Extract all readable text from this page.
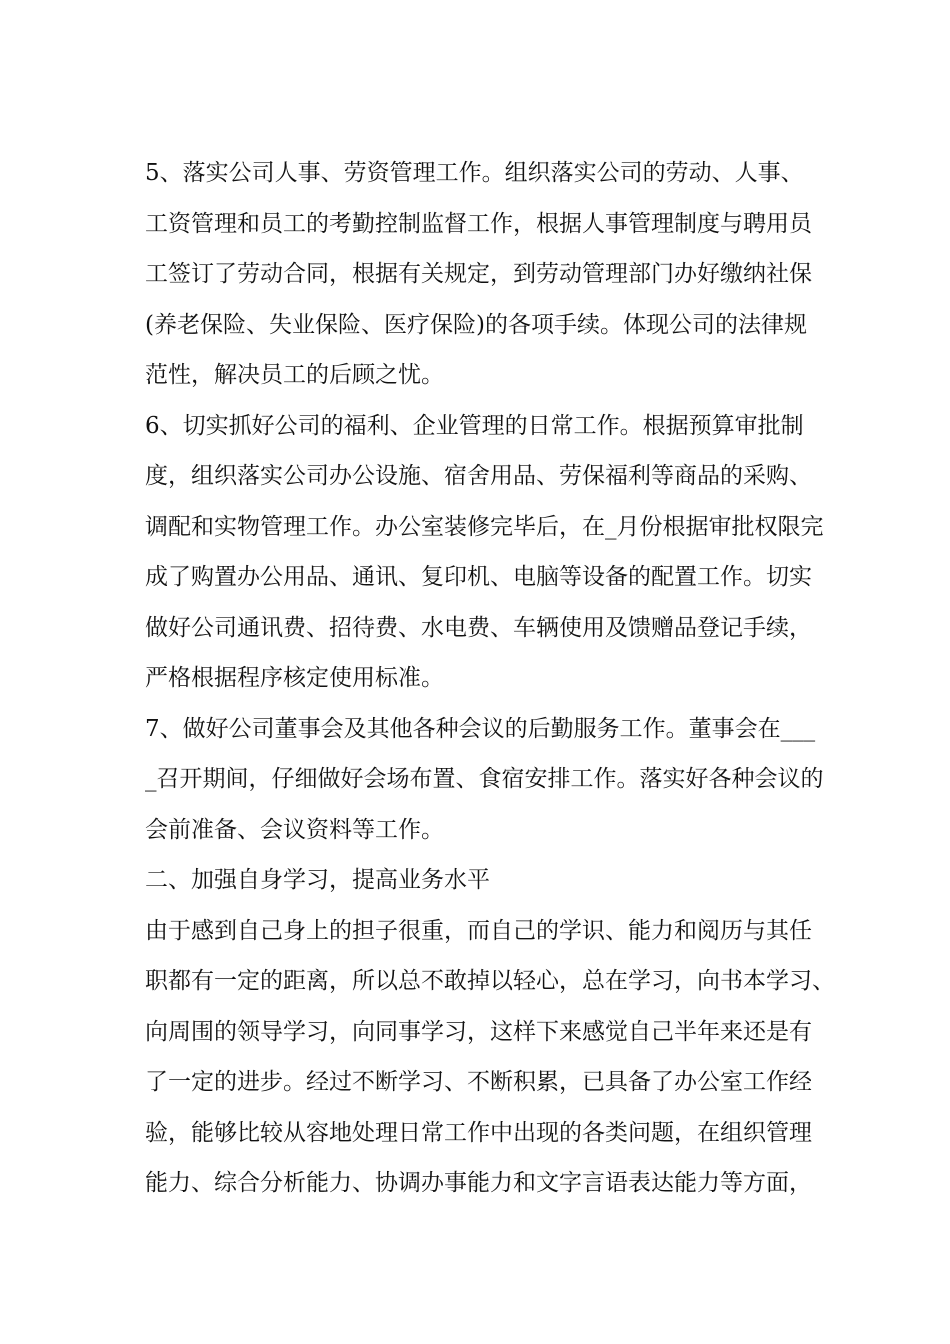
5、落实公司人事、劳资管理工作。组织落实公司的劳动、人事、
工资管理和员工的考勤控制监督工作，根据人事管理制度与聘用员
工签订了劳动合同，根据有关规定，到劳动管理部门办好缴纳社保
(养老保险、失业保险、医疗保险)的各项手续。体现公司的法律规
范性，解决员工的后顾之忧。
6、切实抓好公司的福利、企业管理的日常工作。根据预算审批制
度，组织落实公司办公设施、宿舍用品、劳保福利等商品的采购、
调配和实物管理工作。办公室装修完毕后，在_月份根据审批权限完
成了购置办公用品、通讯、复印机、电脑等设备的配置工作。切实
做好公司通讯费、招待费、水电费、车辆使用及馈赠品登记手续，
严格根据程序核定使用标准。
7、做好公司董事会及其他各种会议的后勤服务工作。董事会在___
_召开期间，仔细做好会场布置、食宿安排工作。落实好各种会议的
会前准备、会议资料等工作。
二、加强自身学习，提高业务水平
由于感到自己身上的担子很重，而自己的学识、能力和阅历与其任
职都有一定的距离，所以总不敢掉以轻心，总在学习，向书本学习、
向周围的领导学习，向同事学习，这样下来感觉自己半年来还是有
了一定的进步。经过不断学习、不断积累，已具备了办公室工作经
验，能够比较从容地处理日常工作中出现的各类问题，在组织管理
能力、综合分析能力、协调办事能力和文字言语表达能力等方面，
